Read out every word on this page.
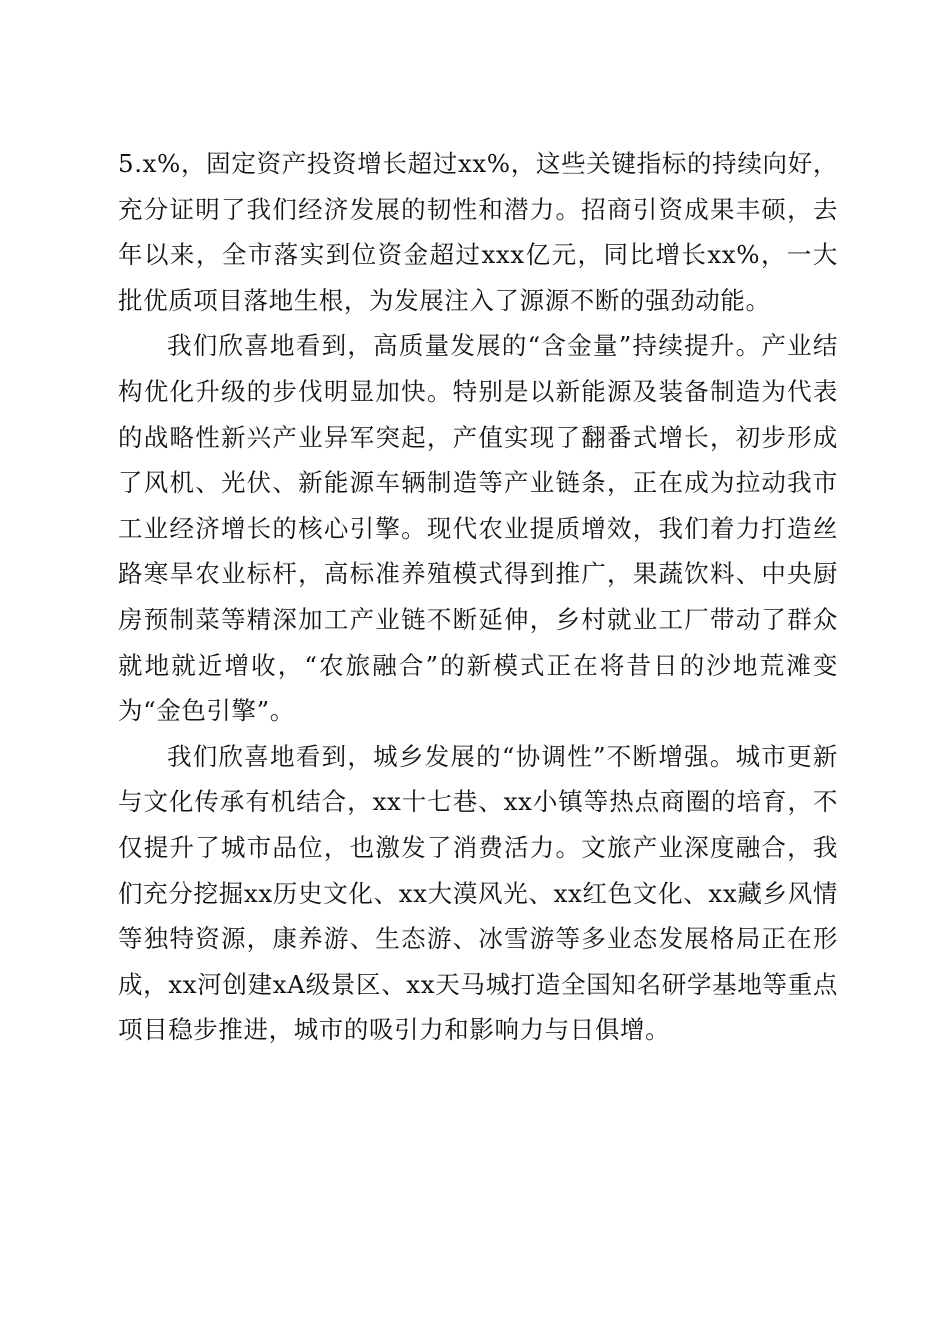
5.x%，固定资产投资增长超过xx%，这些关键指标的持续向好，充分证明了我们经济发展的韧性和潜力。招商引资成果丰硕，去年以来，全市落实到位资金超过xxx亿元，同比增长xx%，一大批优质项目落地生根，为发展注入了源源不断的强劲动能。

我们欣喜地看到，高质量发展的“含金量”持续提升。产业结构优化升级的步伐明显加快。特别是以新能源及装备制造为代表的战略性新兴产业异军突起，产值实现了翻番式增长，初步形成了风机、光伏、新能源车辆制造等产业链条，正在成为拉动我市工业经济增长的核心引擎。现代农业提质增效，我们着力打造丝路寒旱农业标杆，高标准养殖模式得到推广，果蔬饮料、中央厨房预制菜等精深加工产业链不断延伸，乡村就业工厂带动了群众就地就近增收，“农旅融合”的新模式正在将昔日的沙地荒滩变为“金色引擎”。

我们欣喜地看到，城乡发展的“协调性”不断增强。城市更新与文化传承有机结合，xx十七巷、xx小镇等热点商圈的培育，不仅提升了城市品位，也激发了消费活力。文旅产业深度融合，我们充分挖掘xx历史文化、xx大漠风光、xx红色文化、xx藏乡风情等独特资源，康养游、生态游、冰雪游等多业态发展格局正在形成，xx河创建xA级景区、xx天马城打造全国知名研学基地等重点项目稳步推进，城市的吸引力和影响力与日俱增。
